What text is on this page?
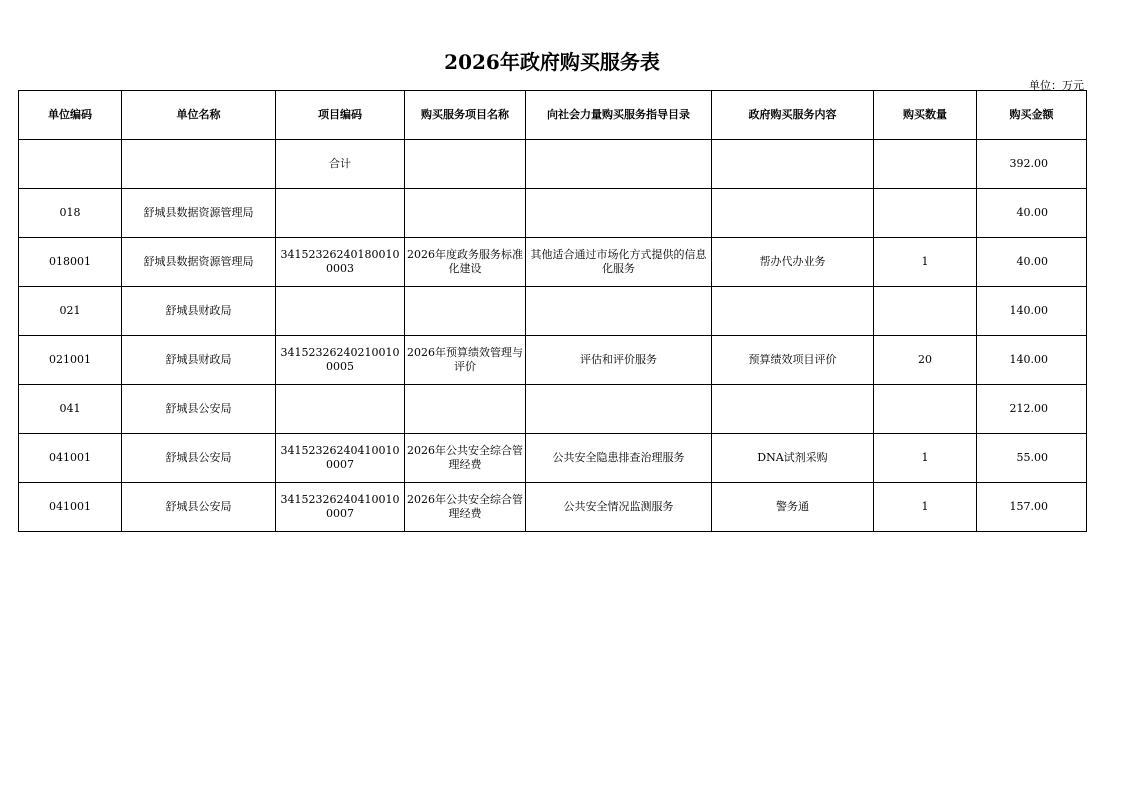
2026年政府购买服务表
单位：万元
单位编码	单位名称	项目编码	购买服务项目名称	向社会力量购买服务指导目录	政府购买服务内容	购买数量	购买金额
		合计					392.00
018	舒城县数据资源管理局						40.00
018001	舒城县数据资源管理局	341523262401800100003	2026年度政务服务标准化建设	其他适合通过市场化方式提供的信息化服务	帮办代办业务	1	40.00
021	舒城县财政局						140.00
021001	舒城县财政局	341523262402100100005	2026年预算绩效管理与评价	评估和评价服务	预算绩效项目评价	20	140.00
041	舒城县公安局						212.00
041001	舒城县公安局	341523262404100100007	2026年公共安全综合管理经费	公共安全隐患排查治理服务	DNA试剂采购	1	55.00
041001	舒城县公安局	341523262404100100007	2026年公共安全综合管理经费	公共安全情况监测服务	警务通	1	157.00
